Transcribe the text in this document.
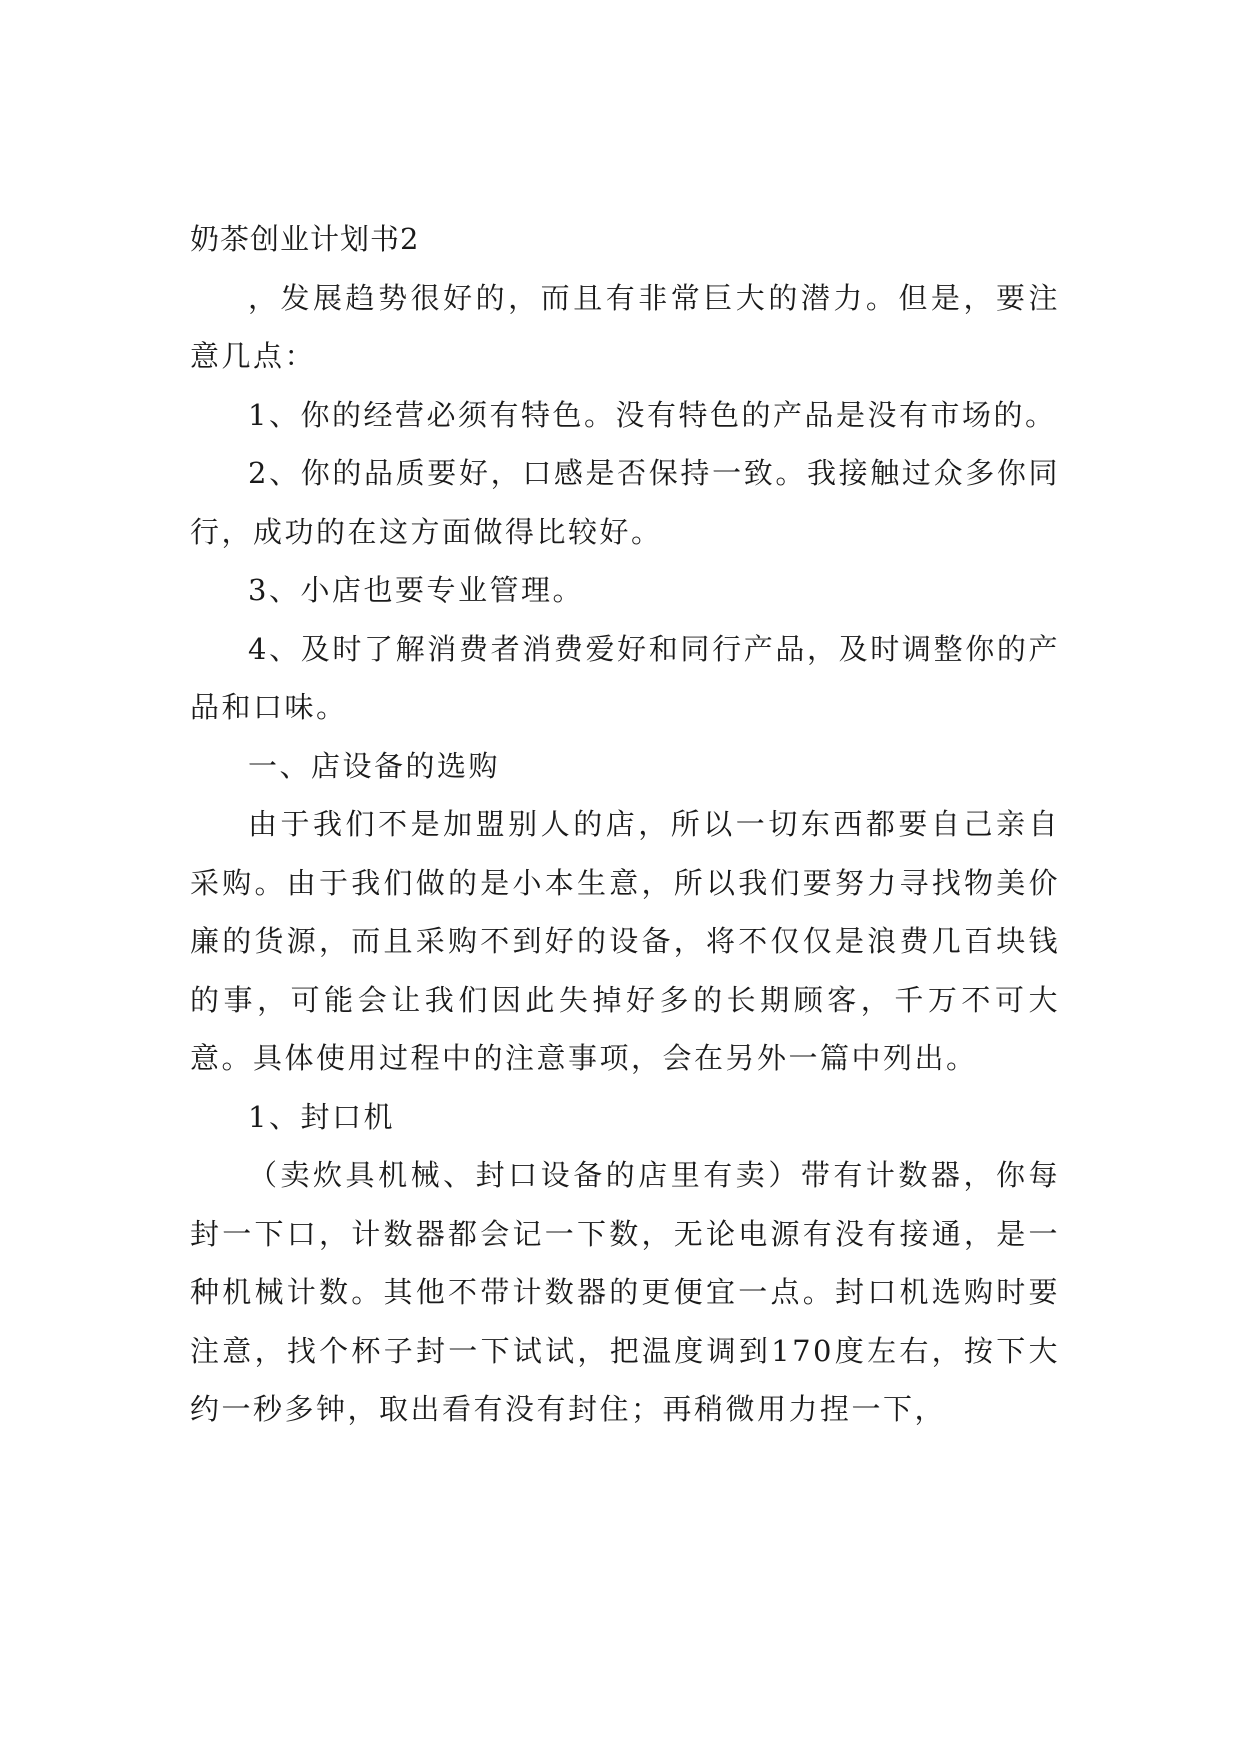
奶茶创业计划书2

，发展趋势很好的，而且有非常巨大的潜力。但是，要注意几点：

1、你的经营必须有特色。没有特色的产品是没有市场的。

2、你的品质要好，口感是否保持一致。我接触过众多你同行，成功的在这方面做得比较好。

3、小店也要专业管理。

4、及时了解消费者消费爱好和同行产品，及时调整你的产品和口味。

一、店设备的选购

由于我们不是加盟别人的店，所以一切东西都要自己亲自采购。由于我们做的是小本生意，所以我们要努力寻找物美价廉的货源，而且采购不到好的设备，将不仅仅是浪费几百块钱的事，可能会让我们因此失掉好多的长期顾客，千万不可大意。具体使用过程中的注意事项，会在另外一篇中列出。

1、封口机

（卖炊具机械、封口设备的店里有卖）带有计数器，你每封一下口，计数器都会记一下数，无论电源有没有接通，是一种机械计数。其他不带计数器的更便宜一点。封口机选购时要注意，找个杯子封一下试试，把温度调到170度左右，按下大约一秒多钟，取出看有没有封住；再稍微用力捏一下，
